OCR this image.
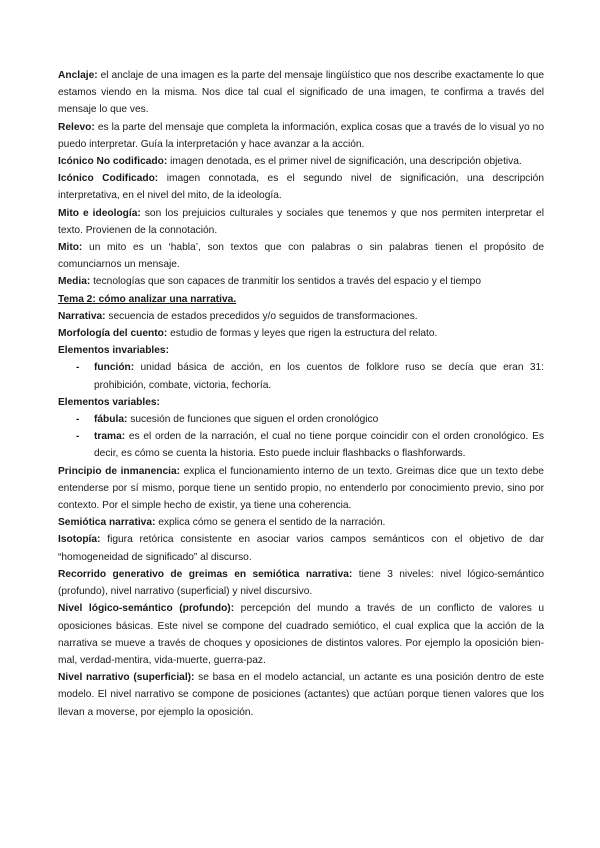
Anclaje: el anclaje de una imagen es la parte del mensaje lingüístico que nos describe exactamente lo que estamos viendo en la misma. Nos dice tal cual el significado de una imagen, te confirma a través del mensaje lo que ves.

Relevo: es la parte del mensaje que completa la información, explica cosas que a través de lo visual yo no puedo interpretar. Guía la interpretación y hace avanzar a la acción.

Icónico No codificado: imagen denotada, es el primer nivel de significación, una descripción objetiva.

Icónico Codificado: imagen connotada, es el segundo nivel de significación, una descripción interpretativa, en el nivel del mito, de la ideología.

Mito e ideología: son los prejuicios culturales y sociales que tenemos y que nos permiten interpretar el texto. Provienen de la connotación.

Mito: un mito es un ‘habla’, son textos que con palabras o sin palabras tienen el propósito de comunciarnos un mensaje.

Media: tecnologías que son capaces de tranmitir los sentidos a través del espacio y el tiempo

Tema 2: cómo analizar una narrativa.

Narrativa: secuencia de estados precedidos y/o seguidos de transformaciones.

Morfología del cuento: estudio de formas y leyes que rigen la estructura del relato.

Elementos invariables:

- función: unidad básica de acción, en los cuentos de folklore ruso se decía que eran 31: prohibición, combate, victoria, fechoría.

Elementos variables:

- fábula: sucesión de funciones que siguen el orden cronológico
- trama: es el orden de la narración, el cual no tiene porque coincidir con el orden cronológico. Es decir, es cómo se cuenta la historia. Esto puede incluir flashbacks o flashforwards.

Principio de inmanencia: explica el funcionamiento interno de un texto. Greimas dice que un texto debe entenderse por sí mismo, porque tiene un sentido propio, no entenderlo por conocimiento previo, sino por contexto. Por el simple hecho de existir, ya tiene una coherencia.

Semiótica narrativa: explica cómo se genera el sentido de la narración.

Isotopía: figura retórica consistente en asociar varios campos semánticos con el objetivo de dar “homogeneidad de significado” al discurso.

Recorrido generativo de greimas en semiótica narrativa: tiene 3 niveles: nivel lógico-semántico (profundo), nivel narrativo (superficial) y nivel discursivo.

Nivel lógico-semántico (profundo): percepción del mundo a través de un conflicto de valores u oposiciones básicas. Este nivel se compone del cuadrado semiótico, el cual explica que la acción de la narrativa se mueve a través de choques y oposiciones de distintos valores. Por ejemplo la oposición bien-mal, verdad-mentira, vida-muerte, guerra-paz.

Nivel narrativo (superficial): se basa en el modelo actancial, un actante es una posición dentro de este modelo. El nivel narrativo se compone de posiciones (actantes) que actúan porque tienen valores que los llevan a moverse, por ejemplo la oposición.
